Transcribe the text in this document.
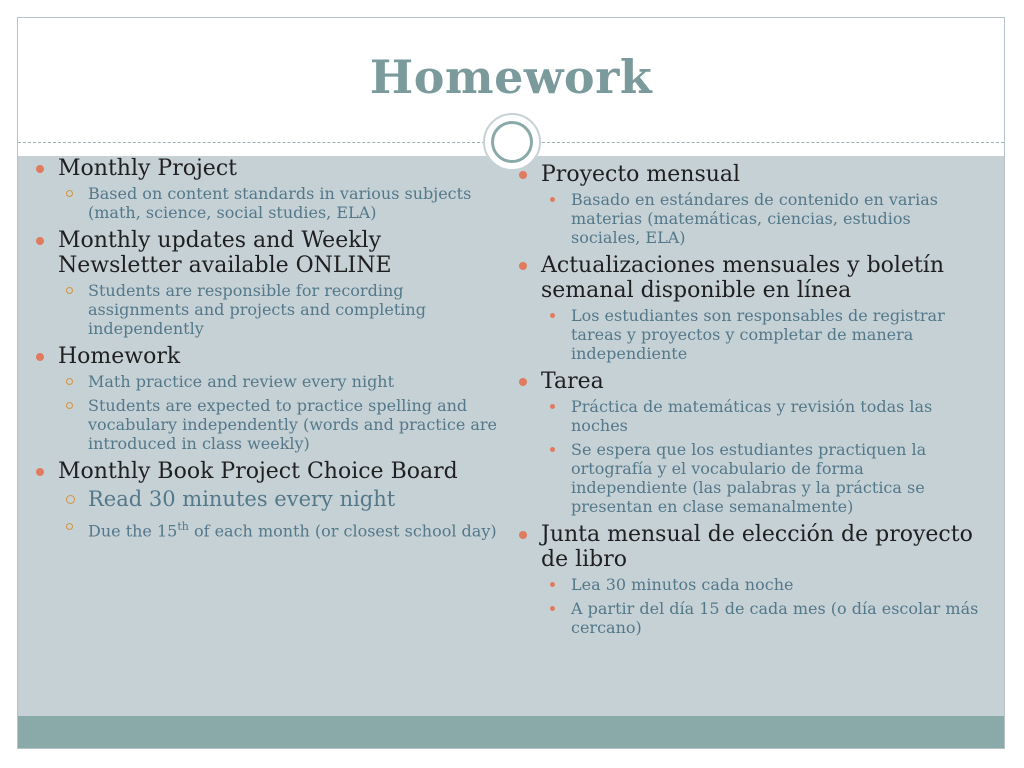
Homework
Monthly Project
Based on content standards in various subjects (math, science, social studies, ELA)
Monthly updates and Weekly Newsletter available ONLINE
Students are responsible for recording assignments and projects and completing independently
Homework
Math practice and review every night
Students are expected to practice spelling and vocabulary independently (words and practice are introduced in class weekly)
Monthly Book Project Choice Board
Read 30 minutes every night
Due the 15th of each month (or closest school day)
Proyecto mensual
Basado en estándares de contenido en varias materias (matemáticas, ciencias, estudios sociales, ELA)
Actualizaciones mensuales y boletín semanal disponible en línea
Los estudiantes son responsables de registrar tareas y proyectos y completar de manera independiente
Tarea
Práctica de matemáticas y revisión todas las noches
Se espera que los estudiantes practiquen la ortografía y el vocabulario de forma independiente (las palabras y la práctica se presentan en clase semanalmente)
Junta mensual de elección de proyecto de libro
Lea 30 minutos cada noche
A partir del día 15 de cada mes (o día escolar más cercano)
